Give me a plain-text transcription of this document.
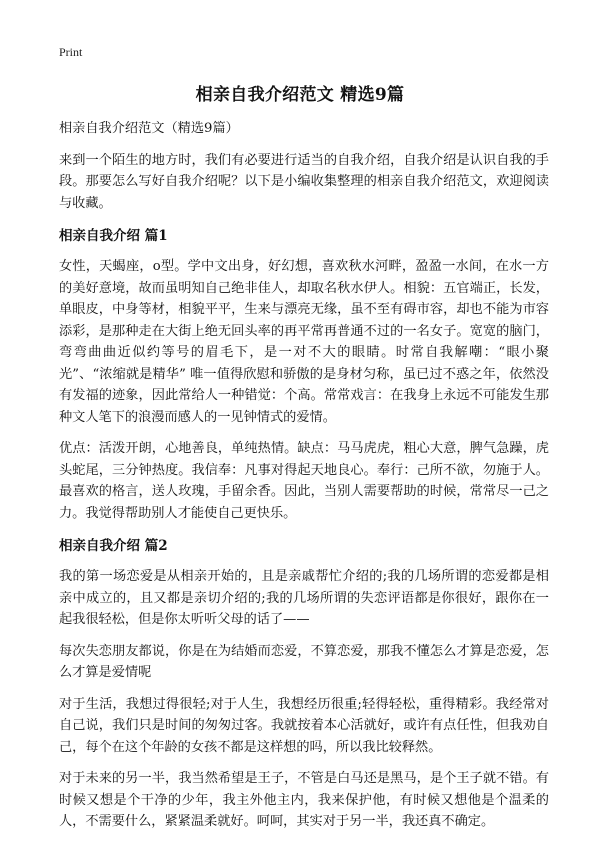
Print
相亲自我介绍范文 精选9篇

相亲自我介绍范文（精选9篇）

来到一个陌生的地方时，我们有必要进行适当的自我介绍，自我介绍是认识自我的手段。那要怎么写好自我介绍呢？以下是小编收集整理的相亲自我介绍范文，欢迎阅读与收藏。

相亲自我介绍 篇1

女性，天蝎座，o型。学中文出身，好幻想，喜欢秋水河畔，盈盈一水间，在水一方的美好意境，故而虽明知自己绝非佳人，却取名秋水伊人。相貌：五官端正，长发，单眼皮，中身等材，相貌平平，生来与漂亮无缘，虽不至有碍市容，却也不能为市容添彩，是那种走在大街上绝无回头率的再平常再普通不过的一名女子。宽宽的脑门，弯弯曲曲近似约等号的眉毛下，是一对不大的眼睛。时常自我解嘲：“眼小聚光”、“浓缩就是精华” 唯一值得欣慰和骄傲的是身材匀称，虽已过不惑之年，依然没有发福的迹象，因此常给人一种错觉：个高。常常戏言：在我身上永远不可能发生那种文人笔下的浪漫而感人的一见钟情式的爱情。

优点：活泼开朗，心地善良，单纯热情。缺点：马马虎虎，粗心大意，脾气急躁，虎头蛇尾，三分钟热度。我信奉：凡事对得起天地良心。奉行：己所不欲，勿施于人。最喜欢的格言，送人玫瑰，手留余香。因此，当别人需要帮助的时候，常常尽一己之力。我觉得帮助别人才能使自己更快乐。

相亲自我介绍 篇2

我的第一场恋爱是从相亲开始的，且是亲戚帮忙介绍的;我的几场所谓的恋爱都是相亲中成立的，且又都是亲切介绍的;我的几场所谓的失恋评语都是你很好，跟你在一起我很轻松，但是你太听听父母的话了——

每次失恋朋友都说，你是在为结婚而恋爱，不算恋爱，那我不懂怎么才算是恋爱，怎么才算是爱情呢

对于生活，我想过得很轻;对于人生，我想经历很重;轻得轻松，重得精彩。我经常对自己说，我们只是时间的匆匆过客。我就按着本心活就好，或许有点任性，但我劝自己，每个在这个年龄的女孩不都是这样想的吗，所以我比较释然。

对于未来的另一半，我当然希望是王子，不管是白马还是黑马，是个王子就不错。有时候又想是个干净的少年，我主外他主内，我来保护他，有时候又想他是个温柔的人，不需要什么，紧紧温柔就好。呵呵，其实对于另一半，我还真不确定。
